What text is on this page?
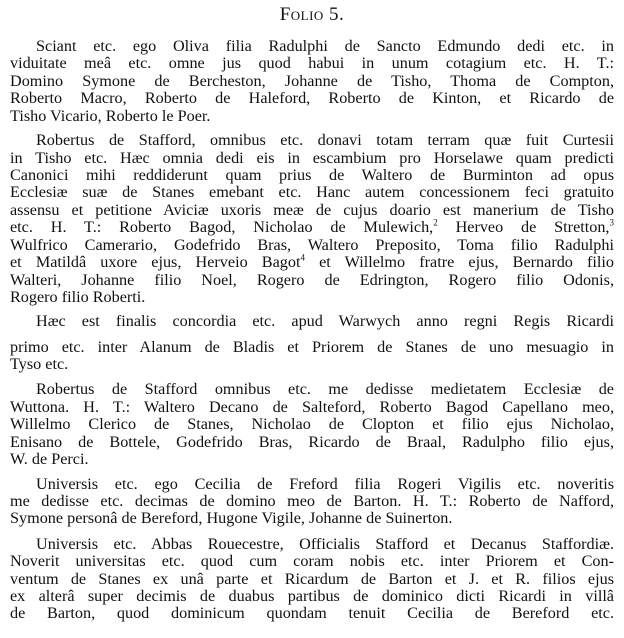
Folio 5.
Sciant etc. ego Oliva filia Radulphi de Sancto Edmundo dedi etc. in
viduitate meâ etc. omne jus quod habui in unum cotagium etc. H. T.:
Domino Symone de Bercheston, Johanne de Tisho, Thoma de Compton,
Roberto Macro, Roberto de Haleford, Roberto de Kinton, et Ricardo de
Tisho Vicario, Roberto le Poer.
Robertus de Stafford, omnibus etc. donavi totam terram quæ fuit Curtesii
in Tisho etc. Hæc omnia dedi eis in escambium pro Horselawe quam predicti
Canonici mihi reddiderunt quam prius de Waltero de Burminton ad opus
Ecclesiæ suæ de Stanes emebant etc. Hanc autem concessionem feci gratuito
assensu et petitione Aviciæ uxoris meæ de cujus doario est manerium de Tisho
etc. H. T.: Roberto Bagod, Nicholao de Mulewich,$^2$ Herveo de Stretton,$^3$
Wulfrico Camerario, Godefrido Bras, Waltero Preposito, Toma filio Radulphi
et Matildâ uxore ejus, Herveio Bagot$^4$ et Willelmo fratre ejus, Bernardo filio
Walteri, Johanne filio Noel, Rogero de Edrington, Rogero filio Odonis,
Rogero filio Roberti.
Hæc est finalis concordia etc. apud Warwych anno regni Regis Ricardi
primo etc. inter Alanum de Bladis et Priorem de Stanes de uno mesuagio in
Tyso etc.
Robertus de Stafford omnibus etc. me dedisse medietatem Ecclesiæ de
Wuttona. H. T.: Waltero Decano de Salteford, Roberto Bagod Capellano meo,
Willelmo Clerico de Stanes, Nicholao de Clopton et filio ejus Nicholao,
Enisano de Bottele, Godefrido Bras, Ricardo de Braal, Radulpho filio ejus,
W. de Perci.
Universis etc. ego Cecilia de Freford filia Rogeri Vigilis etc. noveritis
me dedisse etc. decimas de domino meo de Barton. H. T.: Roberto de Nafford,
Symone personâ de Bereford, Hugone Vigile, Johanne de Suinerton.
Universis etc. Abbas Rouecestre, Officialis Stafford et Decanus Staffordiæ.
Noverit universitas etc. quod cum coram nobis etc. inter Priorem et Con-
ventum de Stanes ex unâ parte et Ricardum de Barton et J. et R. filios ejus
ex alterâ super decimis de duabus partibus de dominico dicti Ricardi in villâ
de Barton, quod dominicum quondam tenuit Cecilia de Bereford etc.
